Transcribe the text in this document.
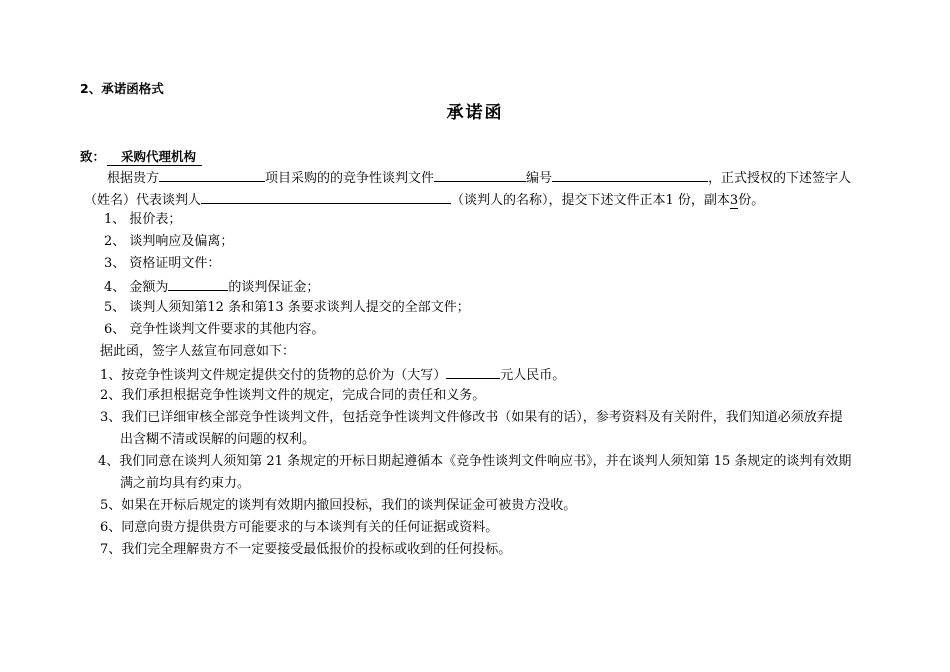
2、承诺函格式
承诺函
致： 采购代理机构
根据贵方	项目采购的的竞争性谈判文件	编号	，正式授权的下述签字人
（姓名）代表谈判人	（谈判人的名称），提交下述文件正本1 份，副本3份。
1、 报价表；
2、 谈判响应及偏离；
3、 资格证明文件：
4、 金额为	的谈判保证金；
5、 谈判人须知第12 条和第13 条要求谈判人提交的全部文件；
6、 竞争性谈判文件要求的其他内容。
据此函，签字人兹宣布同意如下：
1、按竞争性谈判文件规定提供交付的货物的总价为（大写）	元人民币。
2、我们承担根据竞争性谈判文件的规定，完成合同的责任和义务。
3、我们已详细审核全部竞争性谈判文件，包括竞争性谈判文件修改书（如果有的话），参考资料及有关附件，我们知道必须放弃提
出含糊不清或误解的问题的权利。
4、我们同意在谈判人须知第 21 条规定的开标日期起遵循本《竞争性谈判文件响应书》，并在谈判人须知第 15 条规定的谈判有效期
满之前均具有约束力。
5、如果在开标后规定的谈判有效期内撤回投标，我们的谈判保证金可被贵方没收。
6、同意向贵方提供贵方可能要求的与本谈判有关的任何证据或资料。
7、我们完全理解贵方不一定要接受最低报价的投标或收到的任何投标。
